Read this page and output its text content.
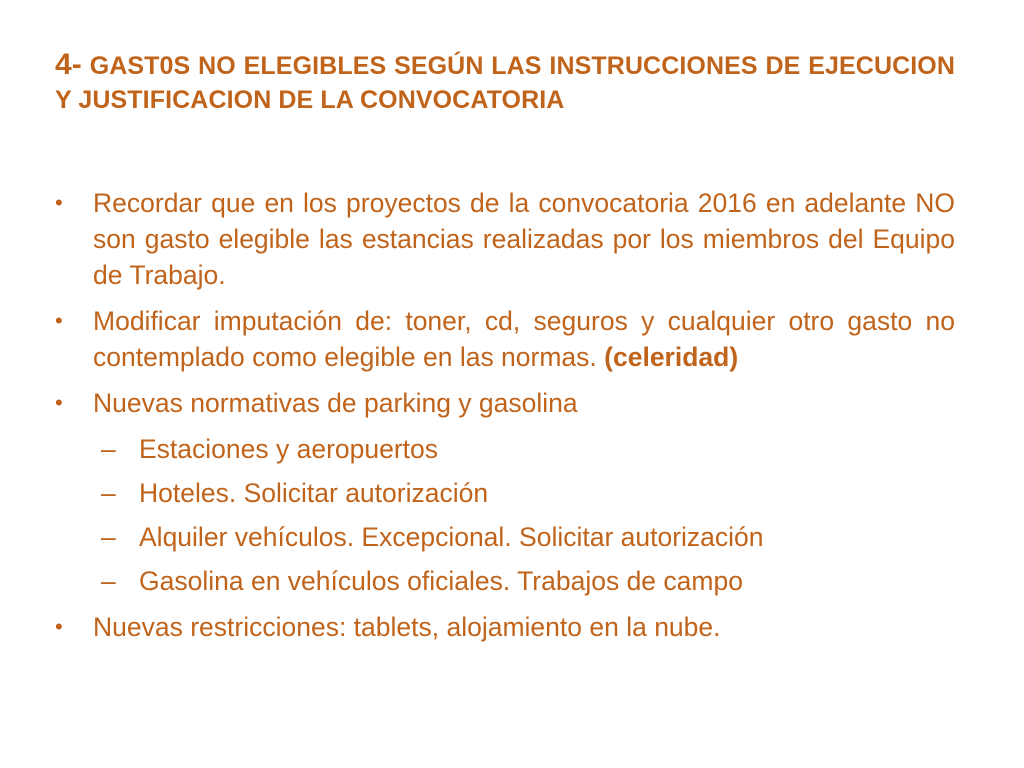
4- GAST0S NO ELEGIBLES SEGÚN LAS INSTRUCCIONES DE EJECUCION Y JUSTIFICACION DE LA CONVOCATORIA
•	Recordar que en los proyectos de la convocatoria 2016 en adelante NO son gasto elegible las estancias realizadas por los miembros del Equipo de Trabajo.
•	Modificar imputación de: toner, cd, seguros y cualquier otro gasto no contemplado como elegible en las normas. (celeridad)
•	Nuevas normativas de parking y gasolina
– Estaciones y aeropuertos
– Hoteles. Solicitar autorización
– Alquiler vehículos. Excepcional. Solicitar autorización
– Gasolina en vehículos oficiales. Trabajos de campo
•	Nuevas restricciones: tablets, alojamiento en la nube.
